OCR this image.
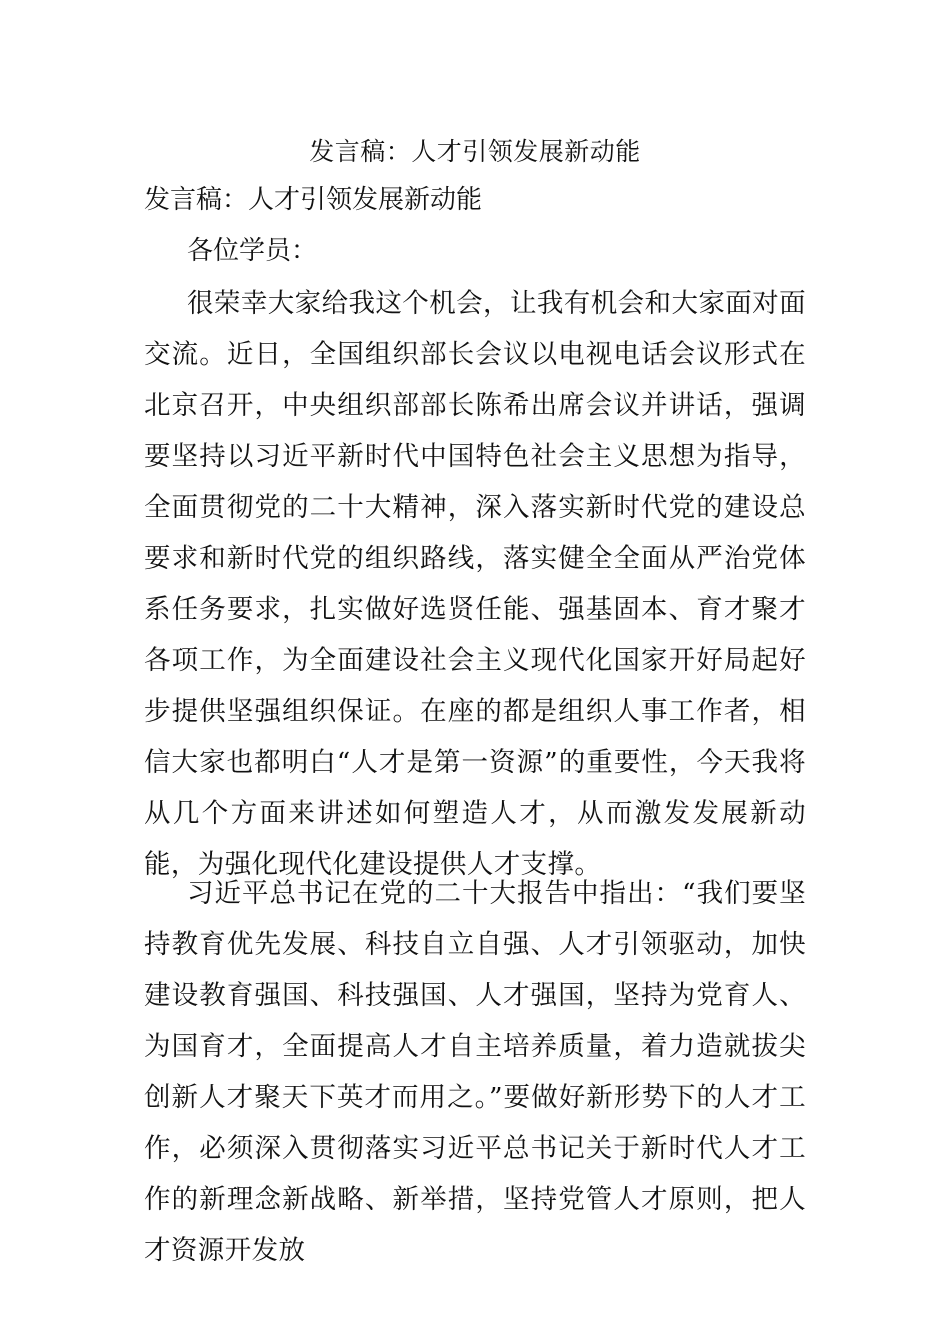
发言稿：人才引领发展新动能
发言稿：人才引领发展新动能
各位学员：

很荣幸大家给我这个机会，让我有机会和大家面对面交流。近日，全国组织部长会议以电视电话会议形式在北京召开，中央组织部部长陈希出席会议并讲话，强调要坚持以习近平新时代中国特色社会主义思想为指导，全面贯彻党的二十大精神，深入落实新时代党的建设总要求和新时代党的组织路线，落实健全全面从严治党体系任务要求，扎实做好选贤任能、强基固本、育才聚才各项工作，为全面建设社会主义现代化国家开好局起好步提供坚强组织保证。在座的都是组织人事工作者，相信大家也都明白“人才是第一资源”的重要性，今天我将从几个方面来讲述如何塑造人才，从而激发发展新动能，为强化现代化建设提供人才支撑。

习近平总书记在党的二十大报告中指出：“我们要坚持教育优先发展、科技自立自强、人才引领驱动，加快建设教育强国、科技强国、人才强国，坚持为党育人、为国育才，全面提高人才自主培养质量，着力造就拔尖创新人才聚天下英才而用之。”要做好新形势下的人才工作，必须深入贯彻落实习近平总书记关于新时代人才工作的新理念新战略、新举措，坚持党管人才原则，把人才资源开发放
